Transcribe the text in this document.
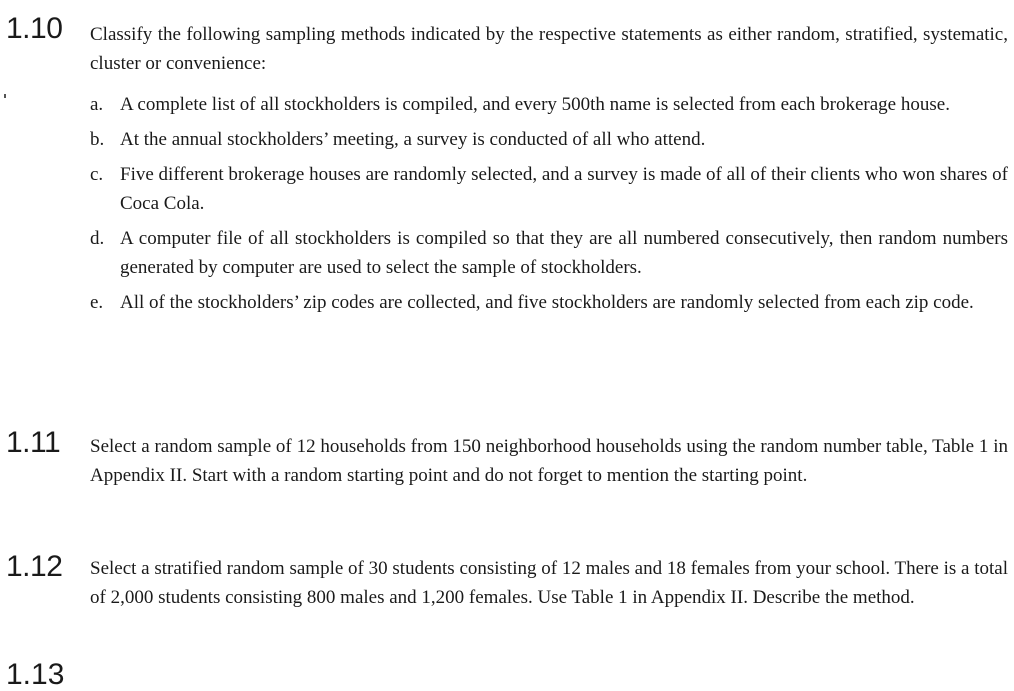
1.10 Classify the following sampling methods indicated by the respective statements as either random, stratified, systematic, cluster or convenience:
a. A complete list of all stockholders is compiled, and every 500th name is selected from each brokerage house.
b. At the annual stockholders’ meeting, a survey is conducted of all who attend.
c. Five different brokerage houses are randomly selected, and a survey is made of all of their clients who won shares of Coca Cola.
d. A computer file of all stockholders is compiled so that they are all numbered consecutively, then random numbers generated by computer are used to select the sample of stockholders.
e. All of the stockholders’ zip codes are collected, and five stockholders are randomly selected from each zip code.
1.11 Select a random sample of 12 households from 150 neighborhood households using the random number table, Table 1 in Appendix II. Start with a random starting point and do not forget to mention the starting point.
1.12 Select a stratified random sample of 30 students consisting of 12 males and 18 females from your school. There is a total of 2,000 students consisting 800 males and 1,200 females. Use Table 1 in Appendix II. Describe the method.
1.13
